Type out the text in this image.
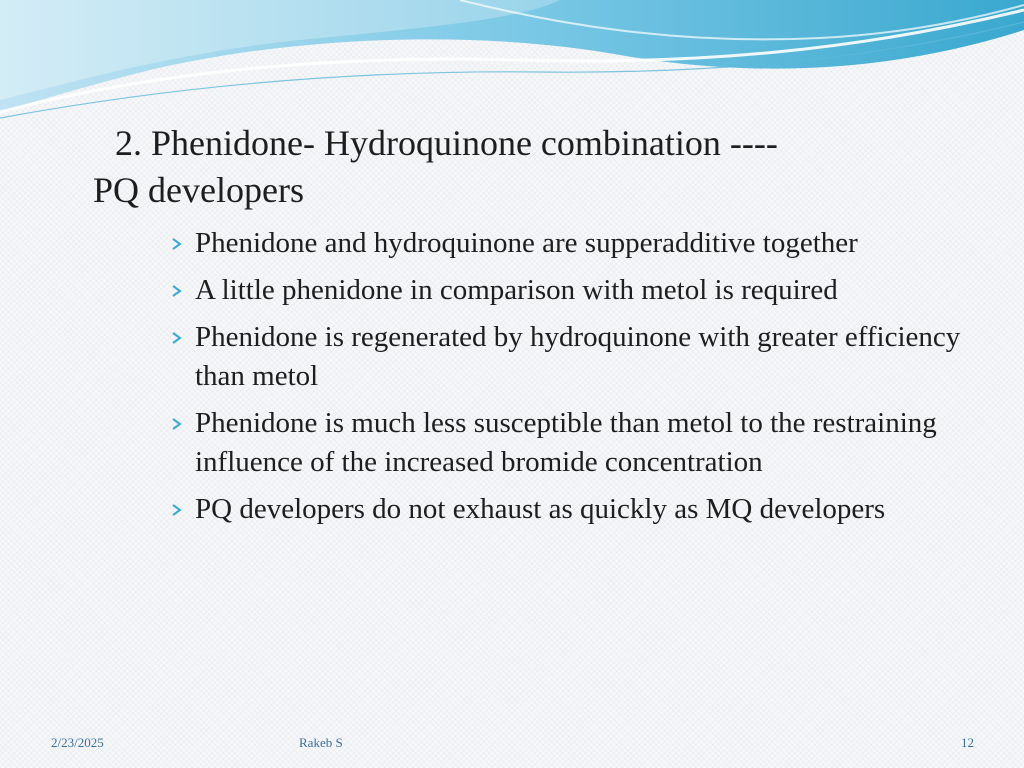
2. Phenidone- Hydroquinone combination ----
PQ developers
Phenidone and hydroquinone are supperadditive together
A little phenidone in comparison with metol is required
Phenidone is regenerated by hydroquinone with greater efficiency than metol
Phenidone is much less susceptible than metol to the restraining influence of the increased bromide concentration
PQ developers do not exhaust as quickly as MQ developers
2/23/2025	Rakeb S	12
